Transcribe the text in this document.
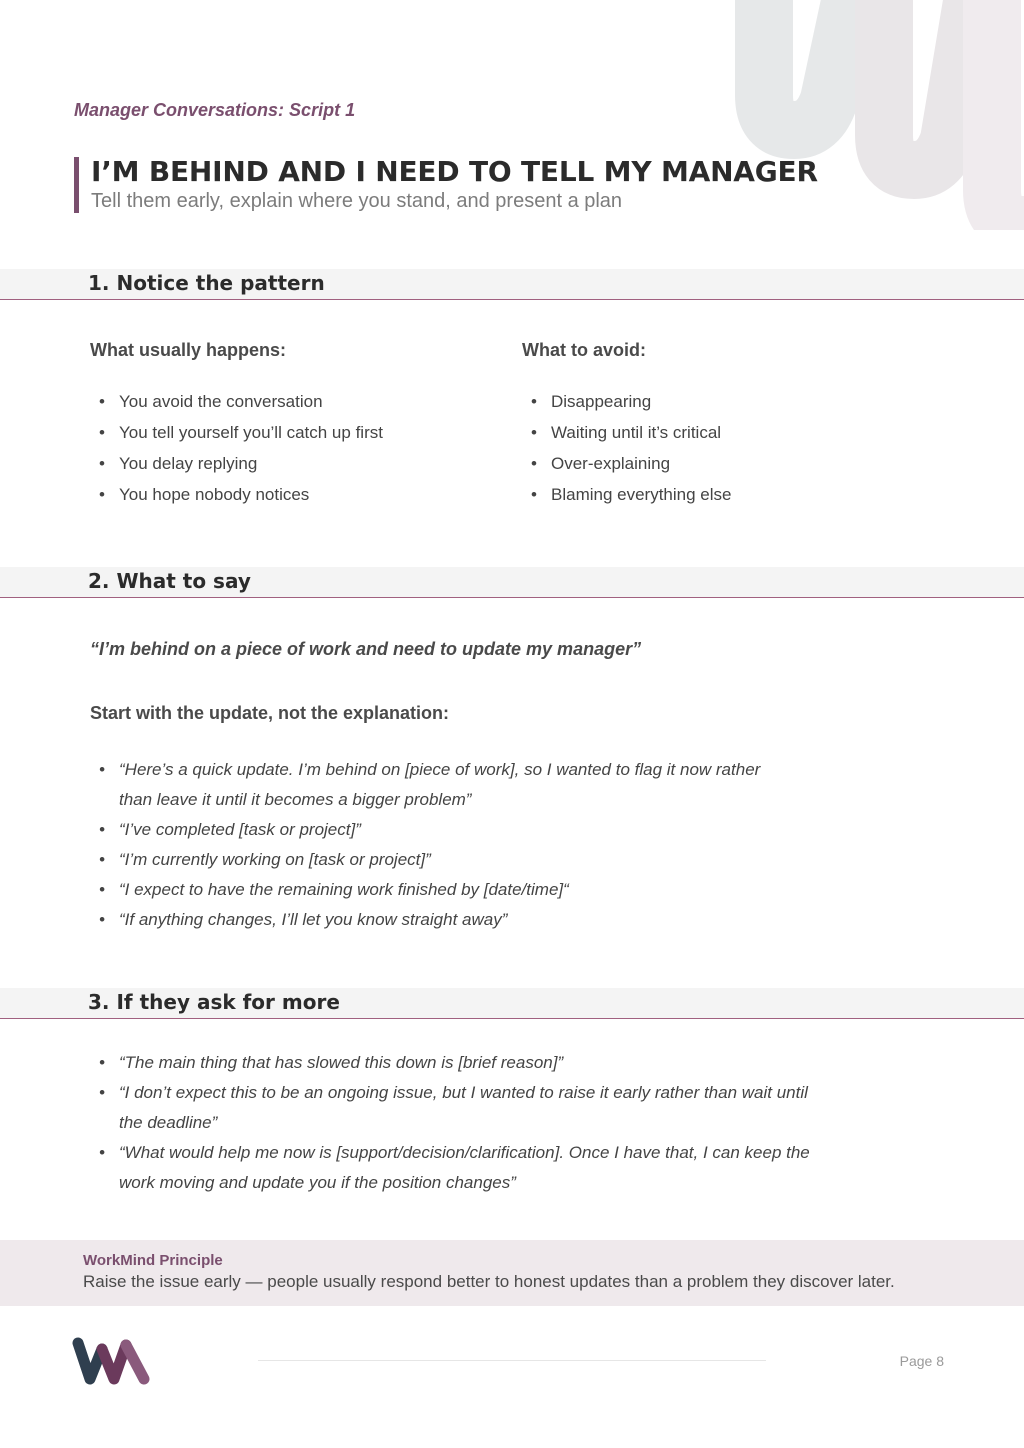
Manager Conversations: Script 1

I’M BEHIND AND I NEED TO TELL MY MANAGER

Tell them early, explain where you stand, and present a plan

1. Notice the pattern

What usually happens:

• You avoid the conversation
• You tell yourself you’ll catch up first
• You delay replying
• You hope nobody notices

What to avoid:

• Disappearing
• Waiting until it’s critical
• Over-explaining
• Blaming everything else
2. What to say

“I’m behind on a piece of work and need to update my manager”

Start with the update, not the explanation:

• “Here’s a quick update. I’m behind on [piece of work], so I wanted to flag it now rather than leave it until it becomes a bigger problem”
• “I’ve completed [task or project]”
• “I’m currently working on [task or project]”
• “I expect to have the remaining work finished by [date/time]“
• “If anything changes, I’ll let you know straight away”
3. If they ask for more
• “The main thing that has slowed this down is [brief reason]”
• “I don’t expect this to be an ongoing issue, but I wanted to raise it early rather than wait until the deadline”
• “What would help me now is [support/decision/clarification]. Once I have that, I can keep the work moving and update you if the position changes”
WorkMind Principle
Raise the issue early — people usually respond better to honest updates than a problem they discover later.
Page 8
